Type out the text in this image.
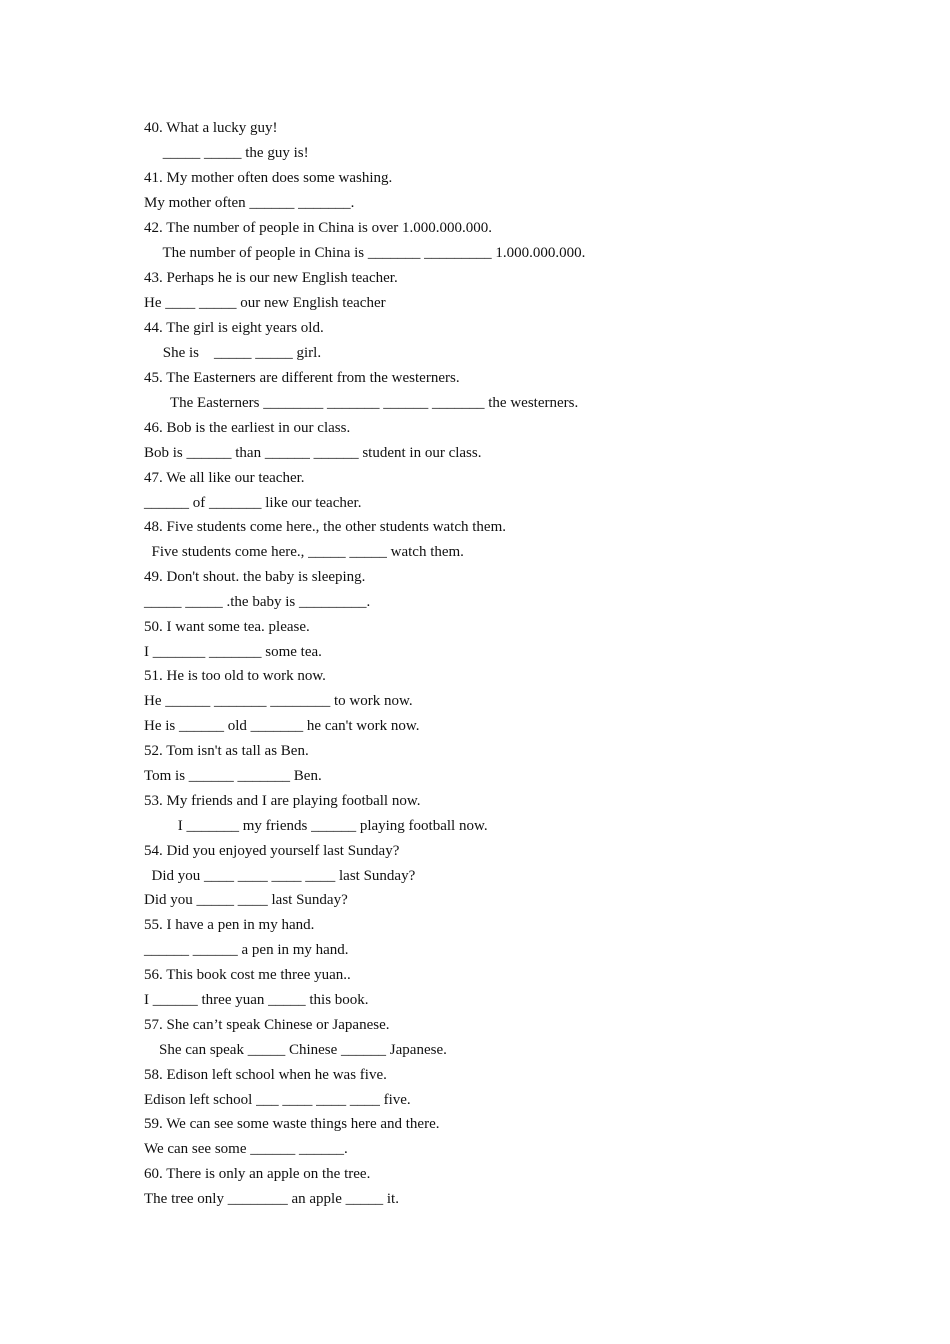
40. What a lucky guy!
_____ _____ the guy is!
41. My mother often does some washing.
My mother often ______ _______.
42. The number of people in China is over 1.000.000.000.
The number of people in China is _______ _________ 1.000.000.000.
43. Perhaps he is our new English teacher.
He ____ _____ our new English teacher
44. The girl is eight years old.
She is    _____ _____ girl.
45. The Easterners are different from the westerners.
The Easterners ________ _______ ______ _______ the westerners.
46. Bob is the earliest in our class.
Bob is ______ than ______ ______ student in our class.
47. We all like our teacher.
______ of _______ like our teacher.
48. Five students come here., the other students watch them.
Five students come here., _____ _____ watch them.
49. Don't shout. the baby is sleeping.
_____ _____ .the baby is _________.
50. I want some tea. please.
I _______ _______ some tea.
51. He is too old to work now.
He ______ _______ ________ to work now.
He is ______ old _______ he can't work now.
52. Tom isn't as tall as Ben.
Tom is ______ _______ Ben.
53. My friends and I are playing football now.
I _______ my friends ______ playing football now.
54. Did you enjoyed yourself last Sunday?
Did you ____ ____ ____ ____ last Sunday?
Did you _____ ____ last Sunday?
55. I have a pen in my hand.
______ ______ a pen in my hand.
56. This book cost me three yuan..
I ______ three yuan _____ this book.
57. She can’t speak Chinese or Japanese.
She can speak _____ Chinese ______ Japanese.
58. Edison left school when he was five.
Edison left school ___ ____ ____ ____ five.
59. We can see some waste things here and there.
We can see some ______ ______.
60. There is only an apple on the tree.
The tree only ________ an apple _____ it.
